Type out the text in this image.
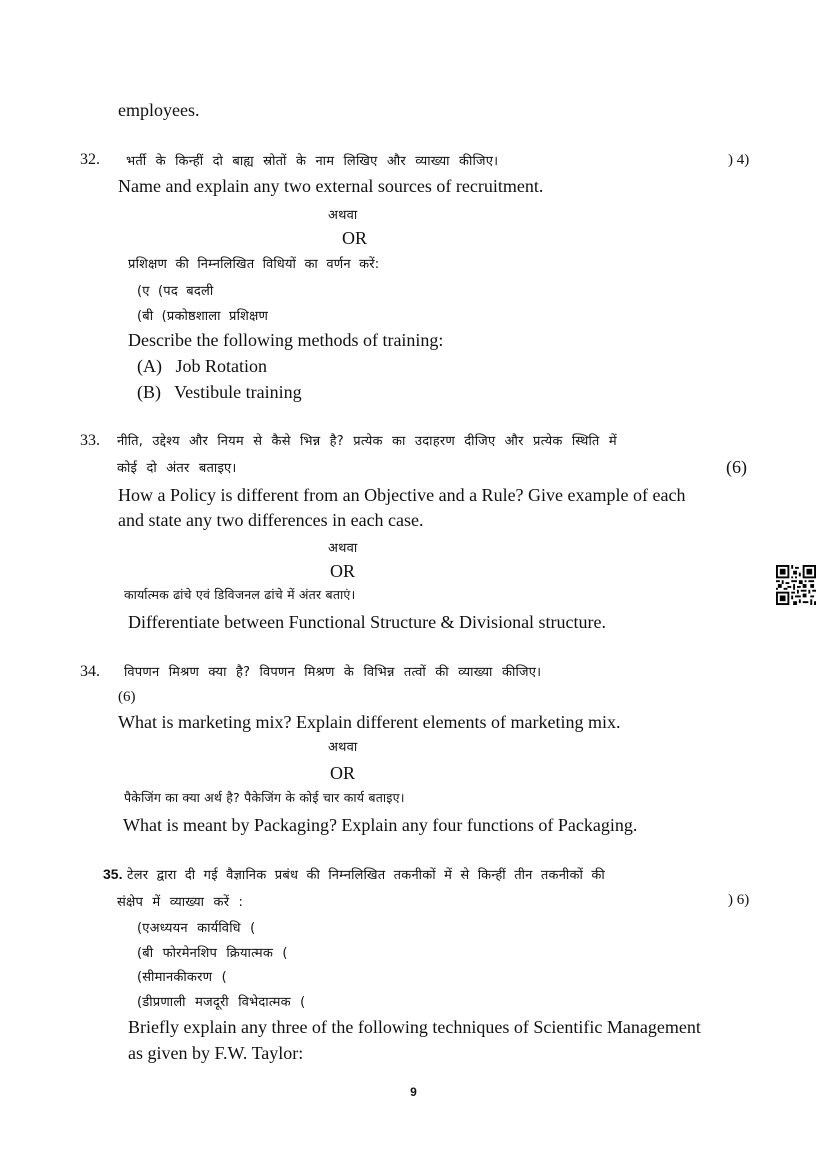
employees.
32. भर्ती के किन्हीं दो बाह्य स्रोतों के नाम लिखिए और व्याख्या कीजिए।	) 4)
Name and explain any two external sources of recruitment.
अथवा
OR
प्रशिक्षण की निम्नलिखित विधियों का वर्णन करें:
(ए (पद बदली
(बी (प्रकोष्ठशाला प्रशिक्षण
Describe the following methods of training:
(A)   Job Rotation
(B)   Vestibule training
33. नीति, उद्देश्य और नियम से कैसे भिन्न है? प्रत्येक का उदाहरण दीजिए और प्रत्येक स्थिति में
कोई दो अंतर बताइए।	(6)
How a Policy is different from an Objective and a Rule? Give example of each
and state any two differences in each case.
अथवा
OR
कार्यात्मक ढांचे एवं डिविजनल ढांचे में अंतर बताएं।
Differentiate between Functional Structure & Divisional structure.
34. विपणन मिश्रण क्या है? विपणन मिश्रण के विभिन्न तत्वों की व्याख्या कीजिए।
(6)
What is marketing mix? Explain different elements of marketing mix.
अथवा
OR
पैकेजिंग का क्या अर्थ है? पैकेजिंग के कोई चार कार्य बताइए।
What is meant by Packaging? Explain any four functions of Packaging.
35. टेलर द्वारा दी गई वैज्ञानिक प्रबंध की निम्नलिखित तकनीकों में से किन्हीं तीन तकनीकों की
संक्षेप में व्याख्या करें :	) 6)
(एअध्ययन कार्यविधि (
(बी फोरमेनशिप क्रियात्मक (
(सीमानकीकरण (
(डीप्रणाली मजदूरी विभेदात्मक (
Briefly explain any three of the following techniques of Scientific Management
as given by F.W. Taylor:
9
